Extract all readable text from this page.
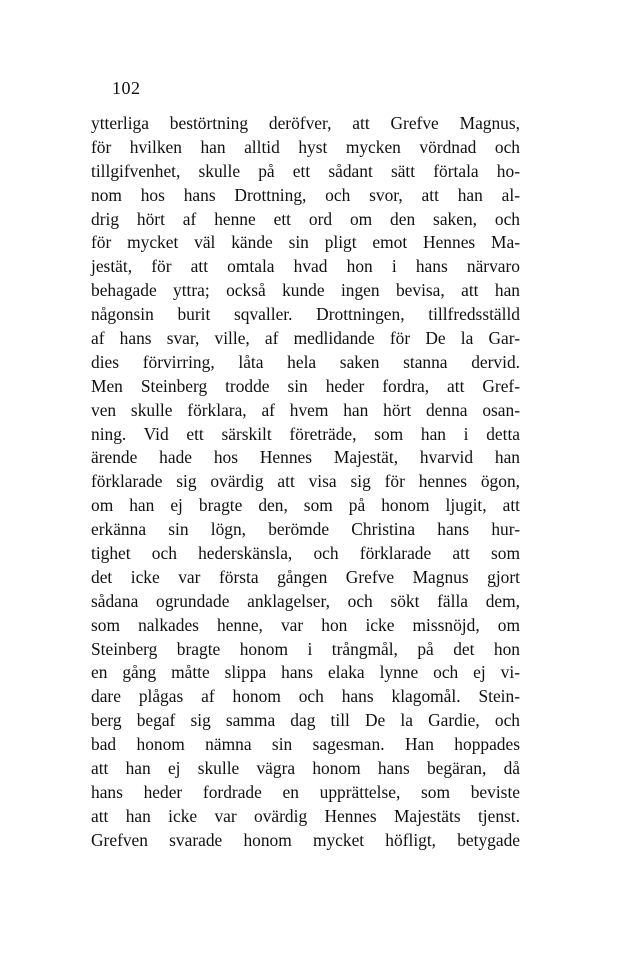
102
ytterliga bestörtning deröfver, att Grefve Magnus,
för hvilken han alltid hyst mycken vördnad och
tillgifvenhet, skulle på ett sådant sätt förtala ho-
nom hos hans Drottning, och svor, att han al-
drig hört af henne ett ord om den saken, och
för mycket väl kände sin pligt emot Hennes Ma-
jestät, för att omtala hvad hon i hans närvaro
behagade yttra; också kunde ingen bevisa, att han
någonsin burit sqvaller. Drottningen, tillfredsställd
af hans svar, ville, af medlidande för De la Gar-
dies förvirring, låta hela saken stanna dervid.
Men Steinberg trodde sin heder fordra, att Gref-
ven skulle förklara, af hvem han hört denna osan-
ning. Vid ett särskilt företräde, som han i detta
ärende hade hos Hennes Majestät, hvarvid han
förklarade sig ovärdig att visa sig för hennes ögon,
om han ej bragte den, som på honom ljugit, att
erkänna sin lögn, berömde Christina hans hur-
tighet och hederskänsla, och förklarade att som
det icke var första gången Grefve Magnus gjort
sådana ogrundade anklagelser, och sökt fälla dem,
som nalkades henne, var hon icke missnöjd, om
Steinberg bragte honom i trångmål, på det hon
en gång måtte slippa hans elaka lynne och ej vi-
dare plågas af honom och hans klagomål. Stein-
berg begaf sig samma dag till De la Gardie, och
bad honom nämna sin sagesman. Han hoppades
att han ej skulle vägra honom hans begäran, då
hans heder fordrade en upprättelse, som beviste
att han icke var ovärdig Hennes Majestäts tjenst.
Grefven svarade honom mycket höfligt, betygade
